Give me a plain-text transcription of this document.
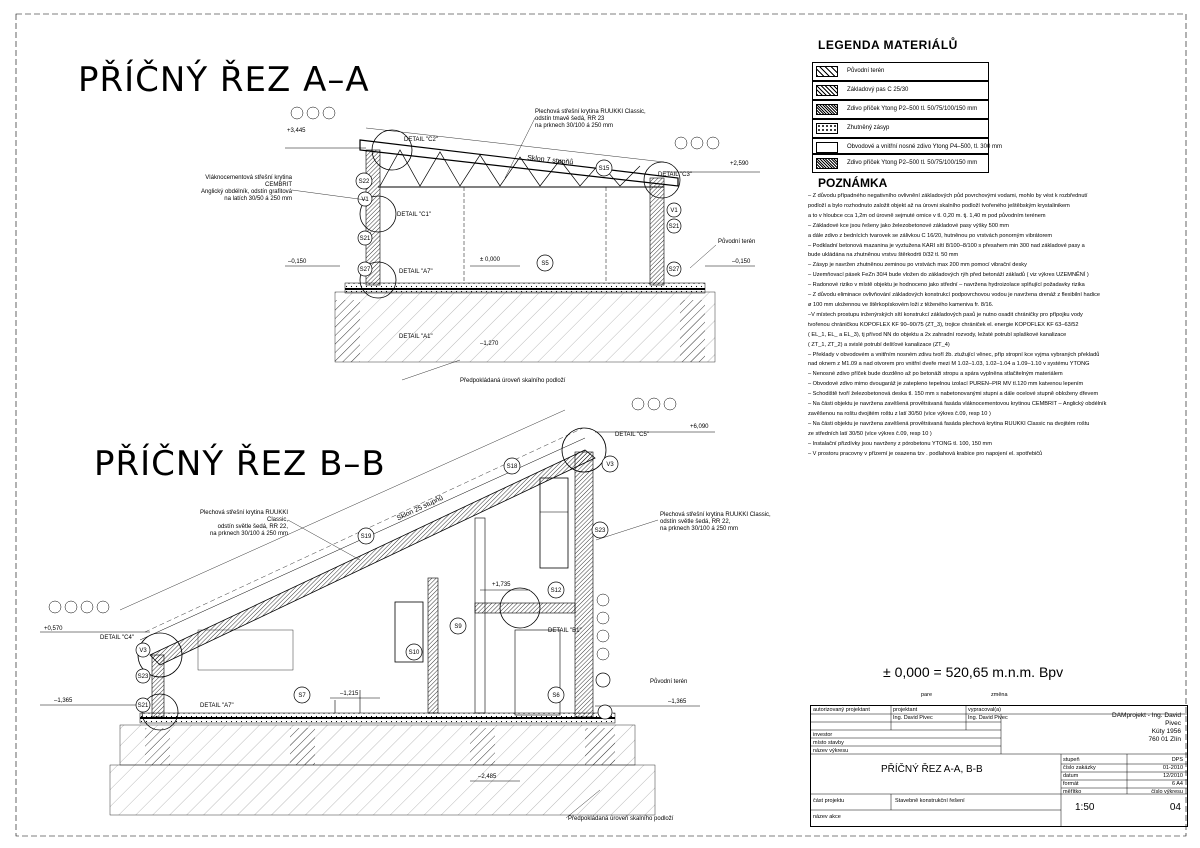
S22
S15
V1
S21
S27
S5
S21
V1
S27
S18	V3
S19
S23
S12
S9
S10
S7	S6
V3
S23
S21
PŘÍČNÝ ŘEZ A–A
PŘÍČNÝ ŘEZ B–B
Plechová střešní krytina RUUKKI Classic,
odstín tmavě šedá, RR 23
na prknech 30/100 á 250 mm
Vláknocementová střešní krytina CEMBRIT
Anglický obdélník, odstín grafitová
na latích 30/50 á 250 mm
DETAIL "C2"
DETAIL "C3"
DETAIL "C1"
DETAIL "A7"
DETAIL "A1"
+3,445
+2,590
–0,150	–0,150
± 0,000
–1,270
Sklon 7 stupňů
Původní terén
Předpokládaná úroveň skalního podloží
Plechová střešní krytina RUUKKI Classic,
odstín světle šedá, RR 22,
na prknech 30/100 á 250 mm
Plechová střešní krytina RUUKKI Classic,
odstín světle šedá, RR 22,
na prknech 30/100 á 250 mm
DETAIL "C5"
DETAIL "C4"
DETAIL "A7"
DETAIL "B1"
+6,090
+0,570
–1,365
–1,215
+1,735
–1,365
–2,485
Sklon 25 stupňů
Původní terén
Předpokládaná úroveň skalního podloží
LEGENDA MATERIÁLŮ
Původní terén
Základový pas C 25/30
Zdivo příček Ytong P2–500 tl. 50/75/100/150 mm
Zhutněný zásyp
Obvodové a vnitřní nosné zdivo Ytong P4–500, tl. 300 mm
Zdivo příček Ytong P2–500 tl. 50/75/100/150 mm
POZNÁMKA
– Z důvodu případného negativního ovlivnění základových půd povrchovými vodami, mohlo by vést k rozbřednutí
podloží a bylo rozhodnuto založit objekt až na úrovni skalního podloží tvořeného ještěbským krystalinikem
a to v hloubce cca 1,2m od úrovně sejmuté ornice v tl. 0,20 m. tj. 1,40 m pod původním terénem
– Základové kce jsou řešeny jako železobetonové základové pasy výšky 500 mm
a dále zdivo z bednících tvarovek se zálivkou C 16/20, hutněnou po vrstvách ponorným vibrátorem
– Podkladní betonová mazanina je vyztužena KARI sítí 8/100–8/100 s přesahem min 300 nad základové pasy a
bude ukládána na zhutněnou vrstvu štěrkodrti 0/32 tl. 50 mm
– Zásyp je navržen zhutněnou zeminou po vrstvách max 200 mm pomocí vibrační desky
– Uzemňovací pásek FeZn 30/4 bude vložen do základových rýh před betonáží základů ( viz výkres UZEMNĚNÍ )
– Radonové riziko v místě objektu je hodnoceno jako střední – navržena hydroizolace splňující požadavky rizika
– Z důvodu eliminace ovlivňování základových konstrukcí podpovrchovou vodou je navržena drenáž z flexibilní hadice
ø 100 mm uložennou ve štěrkopískovém loži z těženého kameniva fr. 8/16.
–V místech prostupu inženýrských sítí konstrukcí základových pasů je nutno osadit chráničky pro přípojku vody
tvořenou chráničkou KOPOFLEX KF 90–90/75 (ZT_3), trojice chrániček el. energie KOPOFLEX KF 63–63/52
( EL_1, EL_ a EL_3), tj přívod NN do objektu a 2x zahradní rozvody, ležaté potrubí splaškové kanalizace
( ZT_1, ZT_2) a svislé potrubí dešťové kanalizace (ZT_4)
– Překlady v obvodovém a vnitřním nosném zdivu tvoří žb. ztužující věnec, příp stropní kce vyjma vybraných překladů
nad oknem z M1.09 a nad otvorem pro vnitřní dveře mezi M 1.02–1.03, 1.02–1.04 a 1.09–1.10 v systému YTONG
– Nenosné zdivo příček bude dozděno až po betonáži stropu a spára vyplněna stlačitelným materiálem
– Obvodové zdivo mimo dvougaráž je zatepleno tepelnou izolací PUREN–PIR MV tl.120 mm katvenou lepením
– Schodiště tvoří železobetonová deska tl. 150 mm s nabetonovanými stupni a dále ocelové stupně obloženy dřevem
– Na části objektu je navržena zavěšená provětrávaná fasáda vláknocementovou krytinou CEMBRIT – Anglický obdélník
zavěšenou na roštu dvojitém roštu z latí 30/50 (více výkres č.09, resp 10 )
– Na části objektu je navržena zavěšená provětrávaná fasáda plechová krytina RUUKKI Classic na dvojitém roštu
ze středních latí 30/50 (více výkres č.09, resp 10 )
– Instalační přizdívky jsou navrženy z pórobetonu YTONG tl. 100, 150 mm
– V prostoru pracovny v přízemí je osazena tzv . podlahová krabice pro napojení el. spotřebičů
± 0,000 = 520,65 m.n.m. Bpv
pare	změna
autorizovaný projektant	projektant	vypracoval(a)
Ing. David Pivec	Ing. David Pivec	DAMprojekt - Ing. David Pivec
Kúty 1956
760 01 Zlín
investor
místo stavby
název výkresu
PŘÍČNÝ ŘEZ A-A, B-B
stupeň	DPS
číslo zakázky	01-2010
datum	12/2010
formát	6 A4
měřítko	číslo výkresu
1:50	04
část projektu	Stavebně konstrukční řešení
název akce
